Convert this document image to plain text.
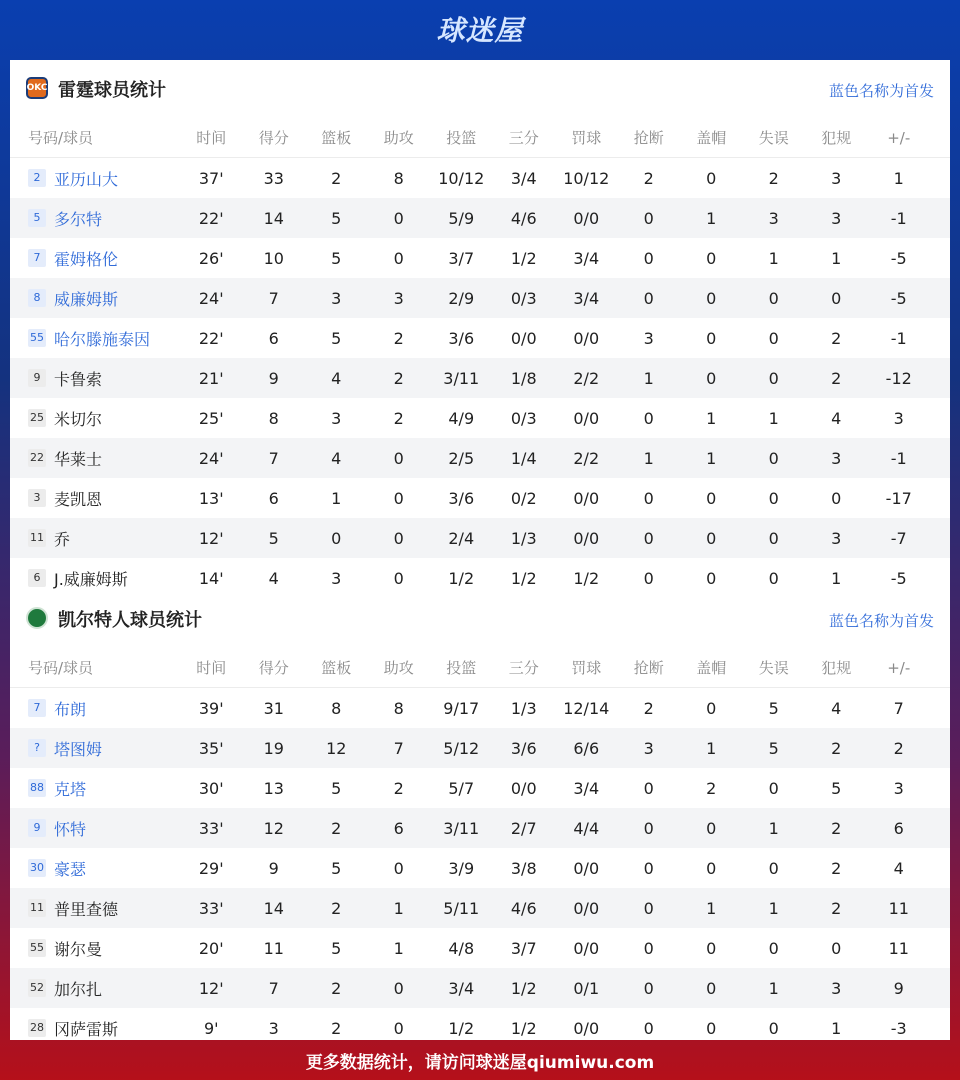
球迷屋
OKC 雷霆球员统计	蓝色名称为首发
号码/球员	时间	得分	篮板	助攻	投篮	三分	罚球	抢断	盖帽	失误	犯规	+/-
2 亚历山大	37'	33	2	8	10/12	3/4	10/12	2	0	2	3	1
5 多尔特	22'	14	5	0	5/9	4/6	0/0	0	1	3	3	-1
7 霍姆格伦	26'	10	5	0	3/7	1/2	3/4	0	0	1	1	-5
8 威廉姆斯	24'	7	3	3	2/9	0/3	3/4	0	0	0	0	-5
55 哈尔滕施泰因	22'	6	5	2	3/6	0/0	0/0	3	0	0	2	-1
9 卡鲁索	21'	9	4	2	3/11	1/8	2/2	1	0	0	2	-12
25 米切尔	25'	8	3	2	4/9	0/3	0/0	0	1	1	4	3
22 华莱士	24'	7	4	0	2/5	1/4	2/2	1	1	0	3	-1
3 麦凯恩	13'	6	1	0	3/6	0/2	0/0	0	0	0	0	-17
11 乔	12'	5	0	0	2/4	1/3	0/0	0	0	0	3	-7
6 J.威廉姆斯	14'	4	3	0	1/2	1/2	1/2	0	0	0	1	-5
凯尔特人球员统计	蓝色名称为首发
号码/球员	时间	得分	篮板	助攻	投篮	三分	罚球	抢断	盖帽	失误	犯规	+/-
7 布朗	39'	31	8	8	9/17	1/3	12/14	2	0	5	4	7
? 塔图姆	35'	19	12	7	5/12	3/6	6/6	3	1	5	2	2
88 克塔	30'	13	5	2	5/7	0/0	3/4	0	2	0	5	3
9 怀特	33'	12	2	6	3/11	2/7	4/4	0	0	1	2	6
30 豪瑟	29'	9	5	0	3/9	3/8	0/0	0	0	0	2	4
11 普里查德	33'	14	2	1	5/11	4/6	0/0	0	1	1	2	11
55 谢尔曼	20'	11	5	1	4/8	3/7	0/0	0	0	0	0	11
52 加尔扎	12'	7	2	0	3/4	1/2	0/1	0	0	1	3	9
28 冈萨雷斯	9'	3	2	0	1/2	1/2	0/0	0	0	0	1	-3
更多数据统计，请访问球迷屋qiumiwu.com
